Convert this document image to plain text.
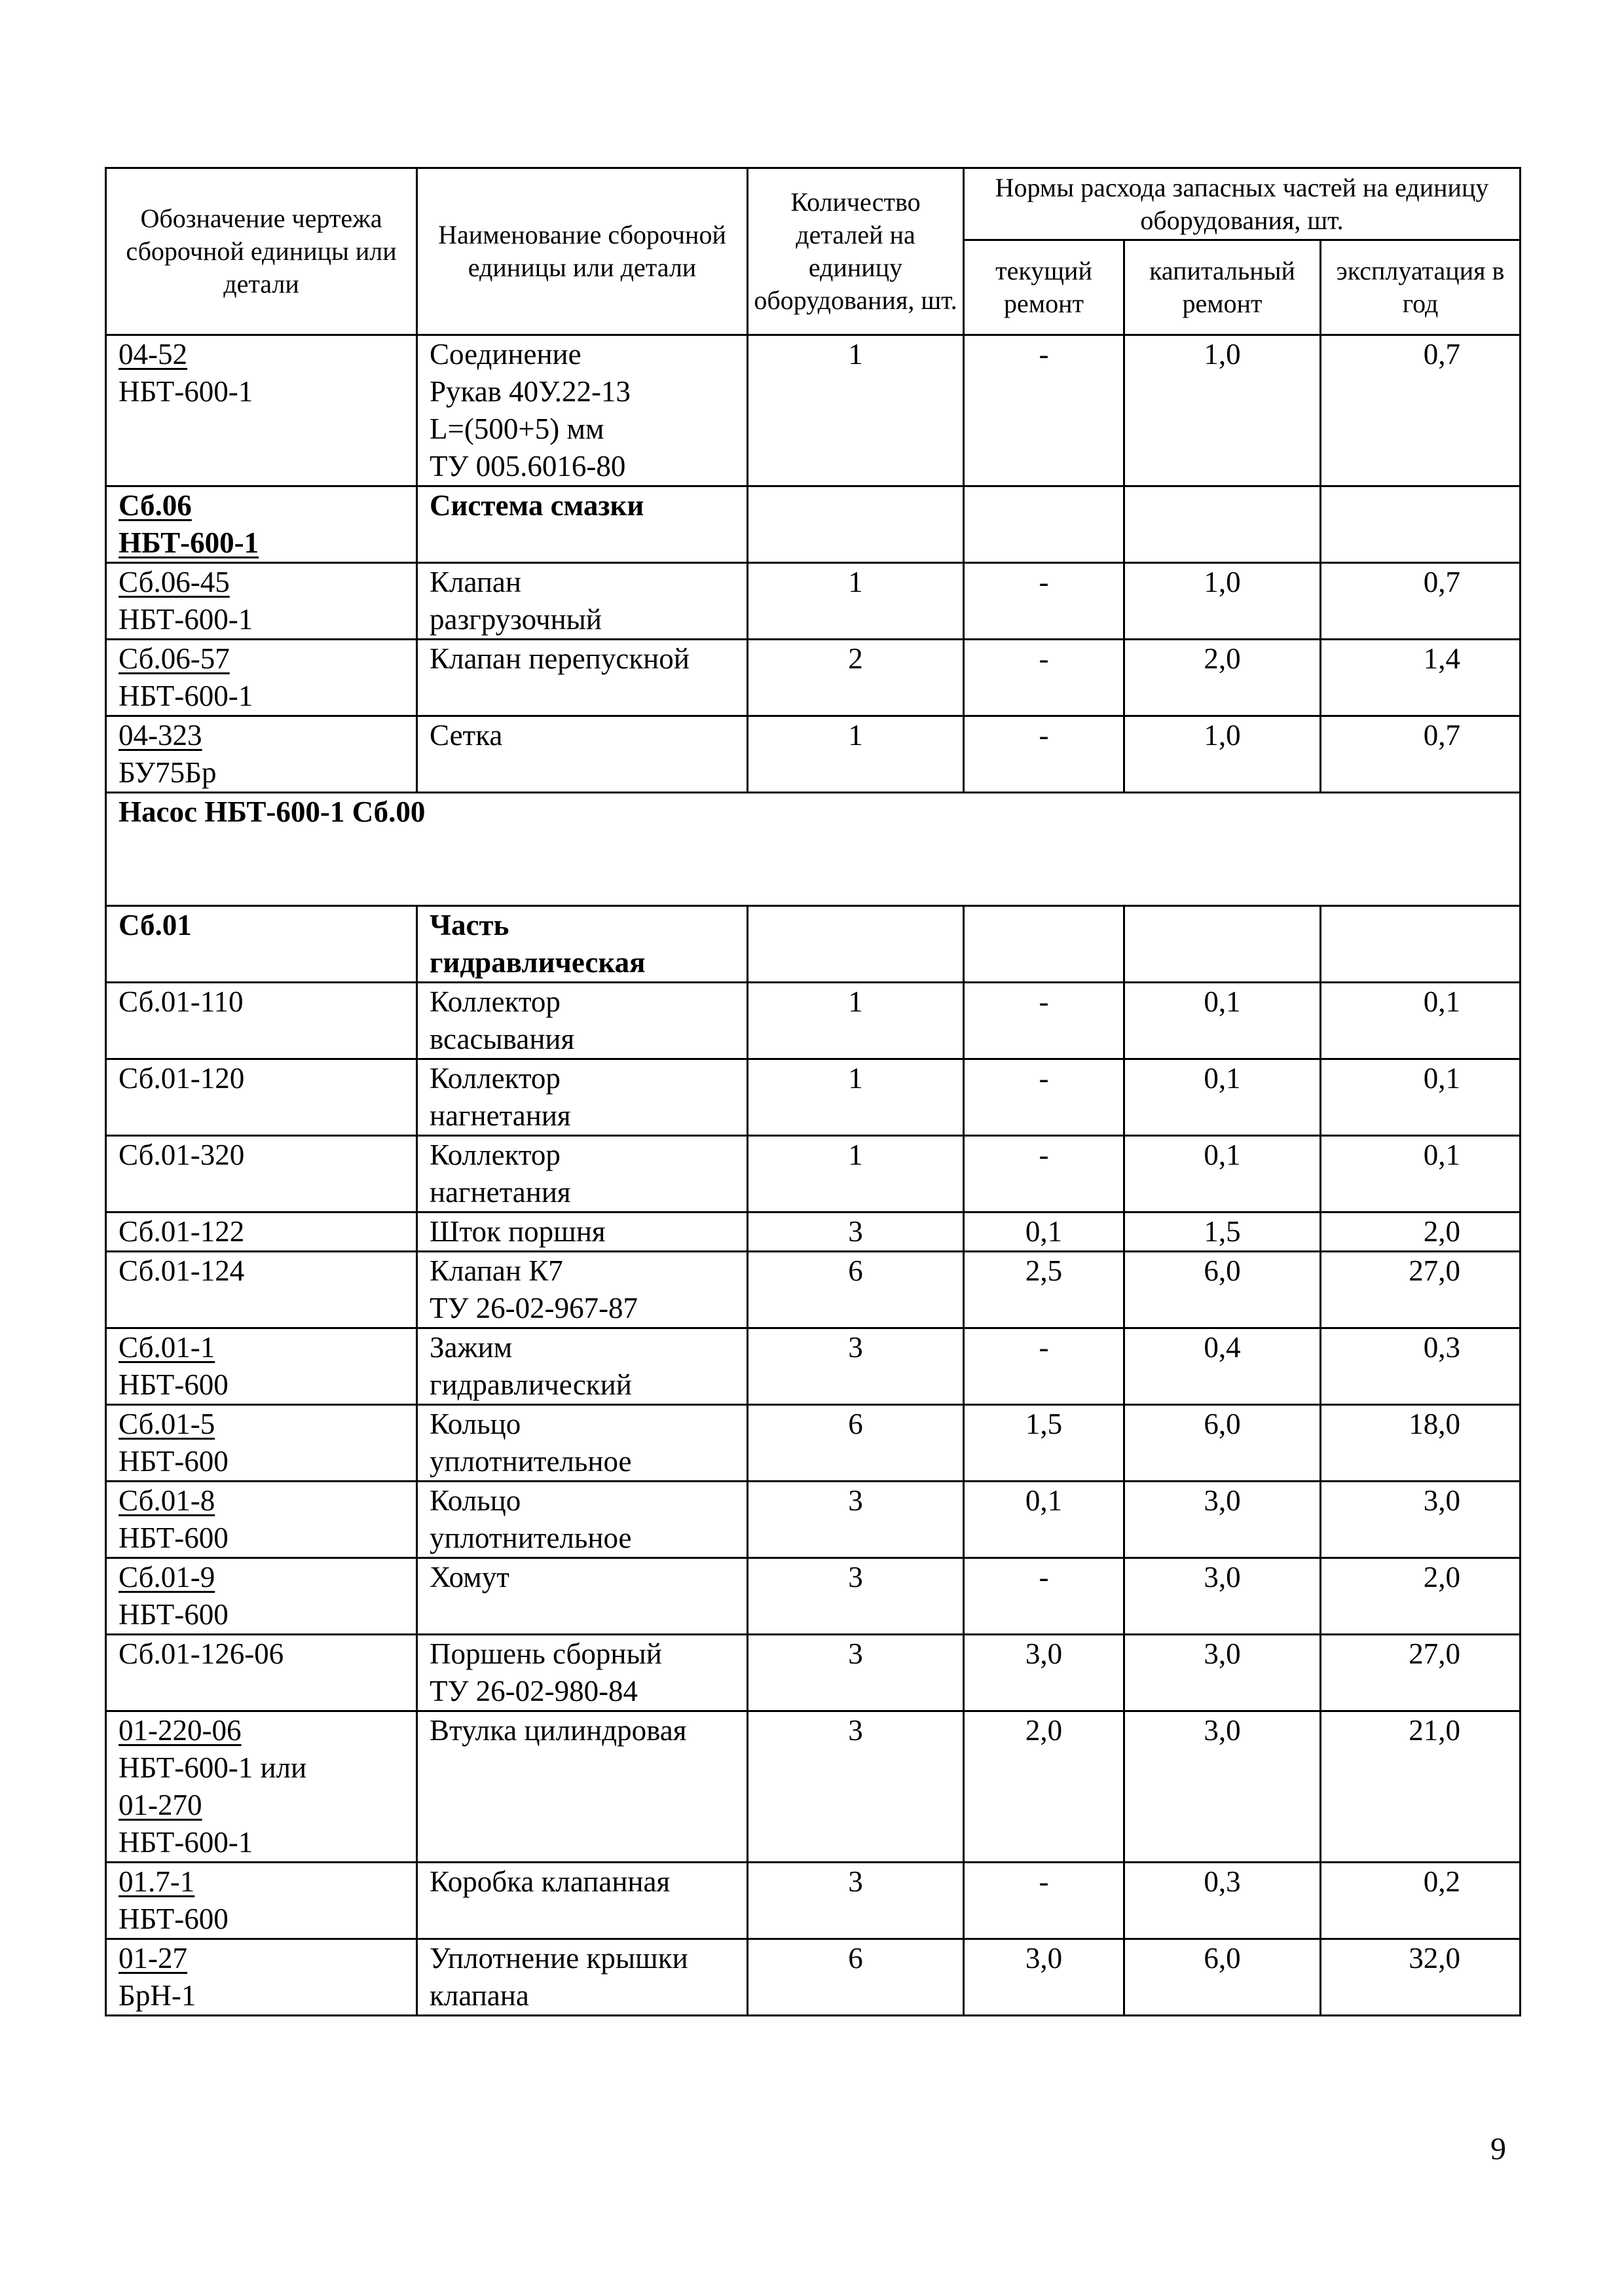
Обозначение чертежа сборочной единицы или детали	Наименование сборочной единицы или детали	Количество деталей на единицу оборудования, шт.	Нормы расхода запасных частей на единицу оборудования, шт.		
			текущий ремонт	капитальный ремонт	эксплуатация в год

04-52
НБТ-600-1	Соединение
Рукав 40У.22-13
L=(500+5) мм
ТУ 005.6016-80	1	-	1,0	0,7

Сб.06
НБТ-600-1	Система смазки				

Сб.06-45
НБТ-600-1	Клапан
разгрузочный	1	-	1,0	0,7

Сб.06-57
НБТ-600-1	Клапан перепускной	2	-	2,0	1,4

04-323
БУ75Бр	Сетка	1	-	1,0	0,7
Насос НБТ-600-1 Сб.00					

Сб.01	Часть
гидравлическая				

Сб.01-110	Коллектор
всасывания	1	-	0,1	0,1

Сб.01-120	Коллектор
нагнетания	1	-	0,1	0,1

Сб.01-320	Коллектор
нагнетания	1	-	0,1	0,1

Сб.01-122	Шток поршня	3	0,1	1,5	2,0

Сб.01-124	Клапан К7
ТУ 26-02-967-87	6	2,5	6,0	27,0

Сб.01-1
НБТ-600	Зажим
гидравлический	3	-	0,4	0,3

Сб.01-5
НБТ-600	Кольцо
уплотнительное	6	1,5	6,0	18,0

Сб.01-8
НБТ-600	Кольцо
уплотнительное	3	0,1	3,0	3,0

Сб.01-9
НБТ-600	Хомут	3	-	3,0	2,0

Сб.01-126-06	Поршень сборный
ТУ 26-02-980-84	3	3,0	3,0	27,0

01-220-06
НБТ-600-1 или
01-270
НБТ-600-1	Втулка цилиндровая	3	2,0	3,0	21,0

01.7-1
НБТ-600	Коробка клапанная	3	-	0,3	0,2

01-27
БрН-1	Уплотнение крышки
клапана	6	3,0	6,0	32,0
9
